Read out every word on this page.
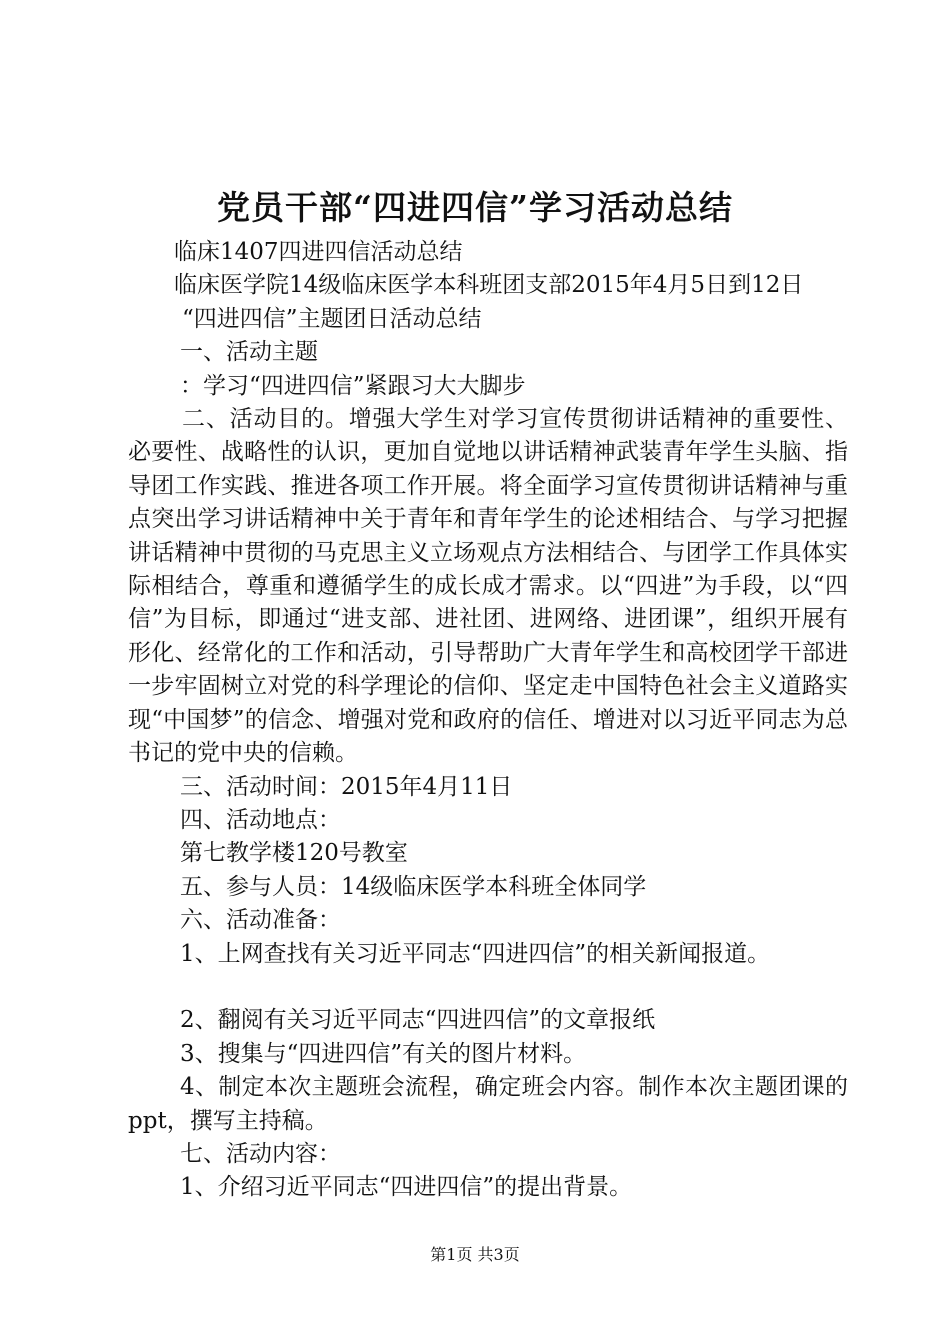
党员干部“四进四信”学习活动总结

临床1407四进四信活动总结

临床医学院14级临床医学本科班团支部2015年4月5日到12日

“四进四信”主题团日活动总结

一、活动主题

：学习“四进四信”紧跟习大大脚步

二、活动目的。增强大学生对学习宣传贯彻讲话精神的重要性、必要性、战略性的认识，更加自觉地以讲话精神武装青年学生头脑、指导团工作实践、推进各项工作开展。将全面学习宣传贯彻讲话精神与重点突出学习讲话精神中关于青年和青年学生的论述相结合、与学习把握讲话精神中贯彻的马克思主义立场观点方法相结合、与团学工作具体实际相结合，尊重和遵循学生的成长成才需求。以“四进”为手段，以“四信”为目标，即通过“进支部、进社团、进网络、进团课”，组织开展有形化、经常化的工作和活动，引导帮助广大青年学生和高校团学干部进一步牢固树立对党的科学理论的信仰、坚定走中国特色社会主义道路实现“中国梦”的信念、增强对党和政府的信任、增进对以习近平同志为总书记的党中央的信赖。

三、活动时间：2015年4月11日

四、活动地点：

第七教学楼120号教室

五、参与人员：14级临床医学本科班全体同学

六、活动准备：

1、上网查找有关习近平同志“四进四信”的相关新闻报道。

2、翻阅有关习近平同志“四进四信”的文章报纸

3、搜集与“四进四信”有关的图片材料。

4、制定本次主题班会流程，确定班会内容。制作本次主题团课的ppt，撰写主持稿。

七、活动内容：

1、介绍习近平同志“四进四信”的提出背景。

第1页 共3页
